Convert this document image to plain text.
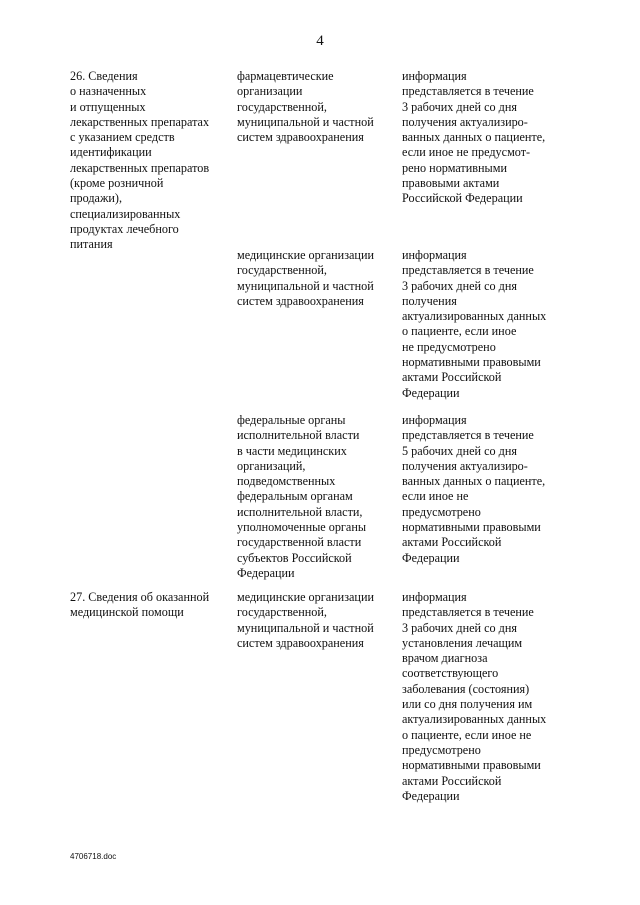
4

26. Сведения
о назначенных
и отпущенных
лекарственных препаратах
с указанием средств
идентификации
лекарственных препаратов
(кроме розничной
продажи),
специализированных
продуктах лечебного
питания

фармацевтические
организации
государственной,
муниципальной и частной
систем здравоохранения

информация
представляется в течение
3 рабочих дней со дня
получения актуализиро-
ванных данных о пациенте,
если иное не предусмот-
рено нормативными
правовыми актами
Российской Федерации

медицинские организации
государственной,
муниципальной и частной
систем здравоохранения

информация
представляется в течение
3 рабочих дней со дня
получения
актуализированных данных
о пациенте, если иное
не предусмотрено
нормативными правовыми
актами Российской
Федерации

федеральные органы
исполнительной власти
в части медицинских
организаций,
подведомственных
федеральным органам
исполнительной власти,
уполномоченные органы
государственной власти
субъектов Российской
Федерации

информация
представляется в течение
5 рабочих дней со дня
получения актуализиро-
ванных данных о пациенте,
если иное не
предусмотрено
нормативными правовыми
актами Российской
Федерации

27. Сведения об оказанной
медицинской помощи

медицинские организации
государственной,
муниципальной и частной
систем здравоохранения

информация
представляется в течение
3 рабочих дней со дня
установления лечащим
врачом диагноза
соответствующего
заболевания (состояния)
или со дня получения им
актуализированных данных
о пациенте, если иное не
предусмотрено
нормативными правовыми
актами Российской
Федерации

4706718.doc
